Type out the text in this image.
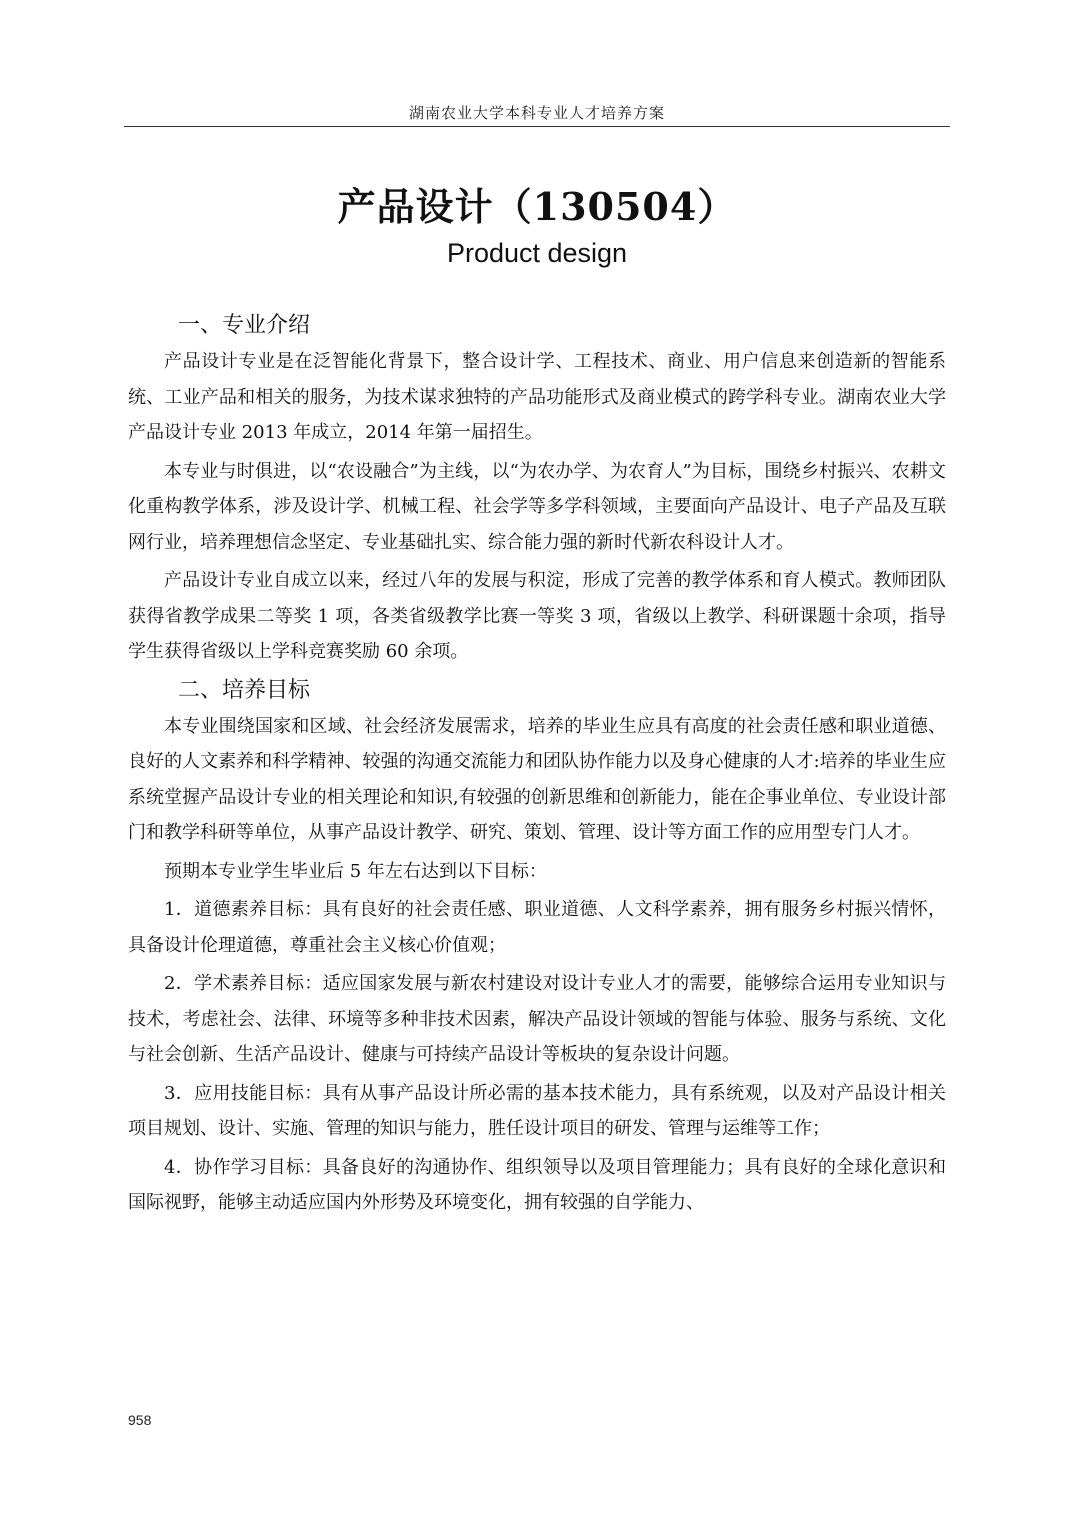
湖南农业大学本科专业人才培养方案
产品设计（130504）
Product design
一、专业介绍

产品设计专业是在泛智能化背景下，整合设计学、工程技术、商业、用户信息来创造新的智能系统、工业产品和相关的服务，为技术谋求独特的产品功能形式及商业模式的跨学科专业。湖南农业大学产品设计专业 2013 年成立，2014 年第一届招生。

本专业与时俱进，以“农设融合”为主线，以“为农办学、为农育人”为目标，围绕乡村振兴、农耕文化重构教学体系，涉及设计学、机械工程、社会学等多学科领域，主要面向产品设计、电子产品及互联网行业，培养理想信念坚定、专业基础扎实、综合能力强的新时代新农科设计人才。

产品设计专业自成立以来，经过八年的发展与积淀，形成了完善的教学体系和育人模式。教师团队获得省教学成果二等奖 1 项，各类省级教学比赛一等奖 3 项，省级以上教学、科研课题十余项，指导学生获得省级以上学科竞赛奖励 60 余项。

二、培养目标

本专业围绕国家和区域、社会经济发展需求，培养的毕业生应具有高度的社会责任感和职业道德、良好的人文素养和科学精神、较强的沟通交流能力和团队协作能力以及身心健康的人才:培养的毕业生应系统堂握产品设计专业的相关理论和知识,有较强的创新思维和创新能力，能在企事业单位、专业设计部门和教学科研等单位，从事产品设计教学、研究、策划、管理、设计等方面工作的应用型专门人才。

预期本专业学生毕业后 5 年左右达到以下目标：

1．道德素养目标：具有良好的社会责任感、职业道德、人文科学素养，拥有服务乡村振兴情怀，具备设计伦理道德，尊重社会主义核心价值观；

2．学术素养目标：适应国家发展与新农村建设对设计专业人才的需要，能够综合运用专业知识与技术，考虑社会、法律、环境等多种非技术因素，解决产品设计领域的智能与体验、服务与系统、文化与社会创新、生活产品设计、健康与可持续产品设计等板块的复杂设计问题。

3．应用技能目标：具有从事产品设计所必需的基本技术能力，具有系统观，以及对产品设计相关项目规划、设计、实施、管理的知识与能力，胜任设计项目的研发、管理与运维等工作；

4．协作学习目标：具备良好的沟通协作、组织领导以及项目管理能力；具有良好的全球化意识和国际视野，能够主动适应国内外形势及环境变化，拥有较强的自学能力、

958
